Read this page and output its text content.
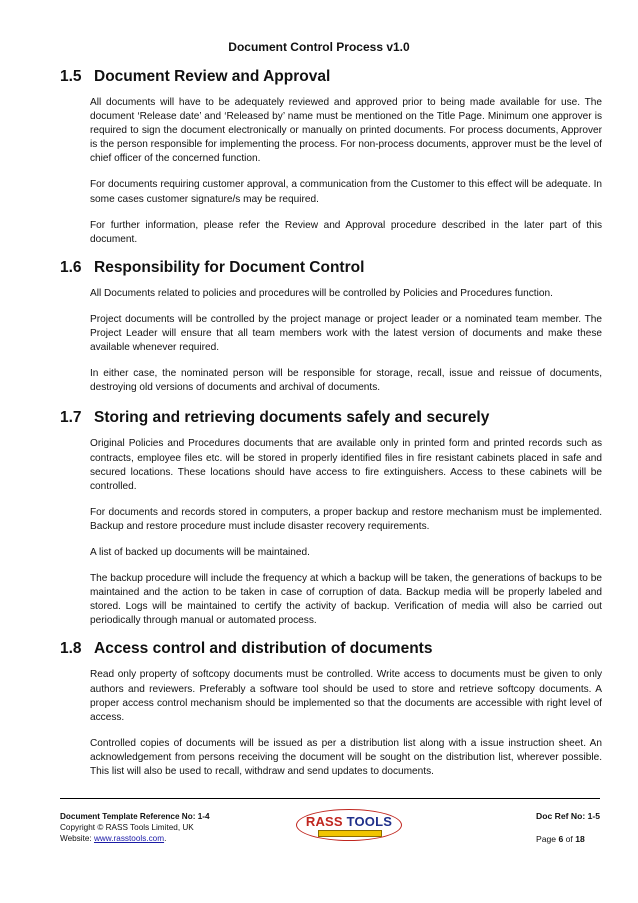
Document Control Process v1.0
1.5 Document Review and Approval

All documents will have to be adequately reviewed and approved prior to being made available for use. The document ‘Release date’ and ‘Released by’ name must be mentioned on the Title Page. Minimum one approver is required to sign the document electronically or manually on printed documents. For process documents, Approver is the person responsible for implementing the process. For non-process documents, approver must be the level of chief officer of the concerned function.

For documents requiring customer approval, a communication from the Customer to this effect will be adequate. In some cases customer signature/s may be required.

For further information, please refer the Review and Approval procedure described in the later part of this document.

1.6 Responsibility for Document Control

All Documents related to policies and procedures will be controlled by Policies and Procedures function.

Project documents will be controlled by the project manage or project leader or a nominated team member. The Project Leader will ensure that all team members work with the latest version of documents and make these available whenever required.

In either case, the nominated person will be responsible for storage, recall, issue and reissue of documents, destroying old versions of documents and archival of documents.

1.7 Storing and retrieving documents safely and securely

Original Policies and Procedures documents that are available only in printed form and printed records such as contracts, employee files etc. will be stored in properly identified files in fire resistant cabinets placed in safe and secured locations. These locations should have access to fire extinguishers. Access to these cabinets will be controlled.

For documents and records stored in computers, a proper backup and restore mechanism must be implemented. Backup and restore procedure must include disaster recovery requirements.

A list of backed up documents will be maintained.

The backup procedure will include the frequency at which a backup will be taken, the generations of backups to be maintained and the action to be taken in case of corruption of data. Backup media will be properly labeled and stored. Logs will be maintained to certify the activity of backup. Verification of media will also be carried out periodically through manual or automated process.

1.8 Access control and distribution of documents

Read only property of softcopy documents must be controlled. Write access to documents must be given to only authors and reviewers. Preferably a software tool should be used to store and retrieve softcopy documents. A proper access control mechanism should be implemented so that the documents are accessible with right level of access.

Controlled copies of documents will be issued as per a distribution list along with a issue instruction sheet. An acknowledgement from persons receiving the document will be sought on the distribution list, wherever possible. This list will also be used to recall, withdraw and send updates to documents.

Document Template Reference No: 1-4
Copyright © RASS Tools Limited, UK
Website: www.rasstools.com.
RASS TOOLS	Doc Ref No: 1-5
Page 6 of 18
